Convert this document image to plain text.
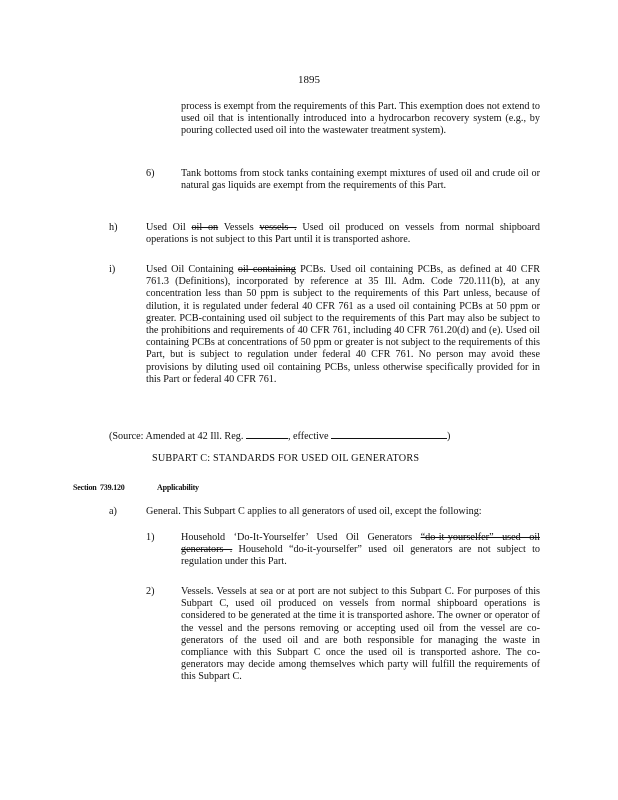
1895
process is exempt from the requirements of this Part. This exemption does not extend to used oil that is intentionally introduced into a hydrocarbon recovery system (e.g., by pouring collected used oil into the wastewater treatment system).
6)	Tank bottoms from stock tanks containing exempt mixtures of used oil and crude oil or natural gas liquids are exempt from the requirements of this Part.
h)	Used Oil oil on Vessels vessels . Used oil produced on vessels from normal shipboard operations is not subject to this Part until it is transported ashore.
i)	Used Oil Containing oil containing PCBs. Used oil containing PCBs, as defined at 40 CFR 761.3 (Definitions), incorporated by reference at 35 Ill. Adm. Code 720.111(b), at any concentration less than 50 ppm is subject to the requirements of this Part unless, because of dilution, it is regulated under federal 40 CFR 761 as a used oil containing PCBs at 50 ppm or greater. PCB-containing used oil subject to the requirements of this Part may also be subject to the prohibitions and requirements of 40 CFR 761, including 40 CFR 761.20(d) and (e). Used oil containing PCBs at concentrations of 50 ppm or greater is not subject to the requirements of this Part, but is subject to regulation under federal 40 CFR 761. No person may avoid these provisions by diluting used oil containing PCBs, unless otherwise specifically provided for in this Part or federal 40 CFR 761.
(Source: Amended at 42 Ill. Reg.	, effective	)
SUBPART C: STANDARDS FOR USED OIL GENERATORS
Section 739.120	Applicability
a)	General. This Subpart C applies to all generators of used oil, except the following:
1)	Household ‘Do-It-Yourselfer’ Used Oil Generators “do-it-yourselfer” used oil generators . Household “do-it-yourselfer” used oil generators are not subject to regulation under this Part.
2)	Vessels. Vessels at sea or at port are not subject to this Subpart C. For purposes of this Subpart C, used oil produced on vessels from normal shipboard operations is considered to be generated at the time it is transported ashore. The owner or operator of the vessel and the persons removing or accepting used oil from the vessel are co-generators of the used oil and are both responsible for managing the waste in compliance with this Subpart C once the used oil is transported ashore. The co-generators may decide among themselves which party will fulfill the requirements of this Subpart C.
